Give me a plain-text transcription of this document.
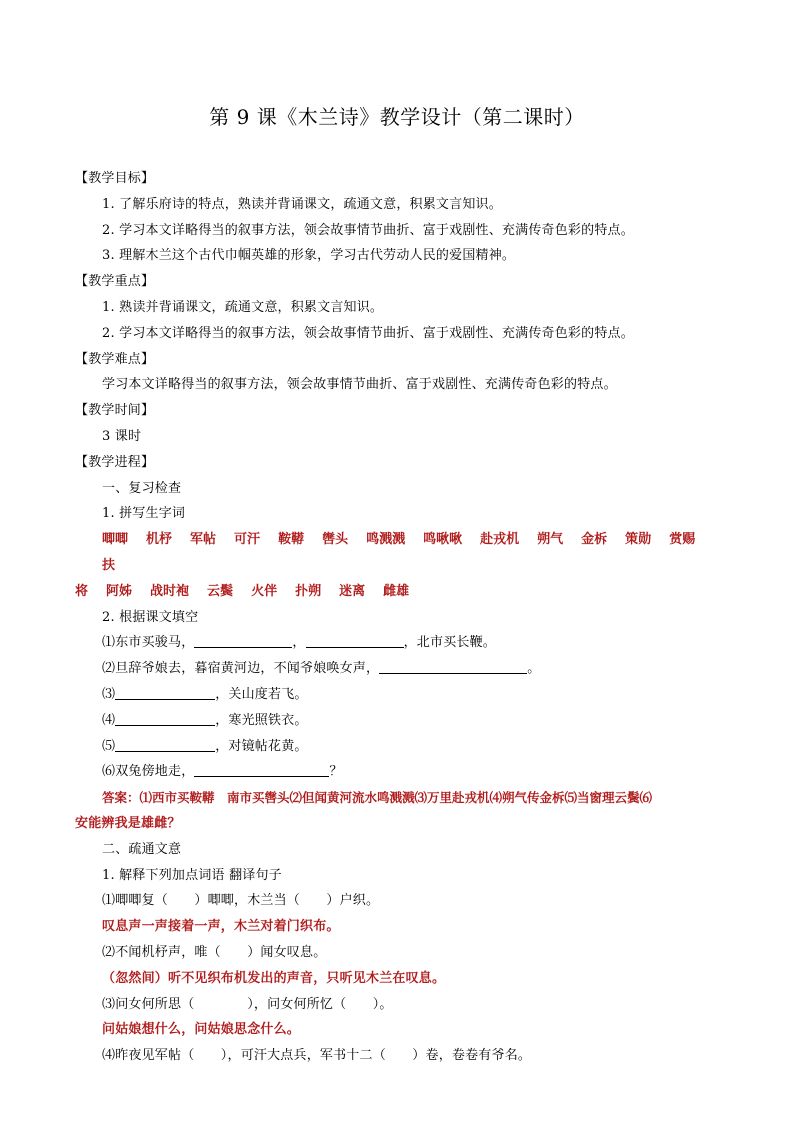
第 9 课《木兰诗》教学设计（第二课时）
【教学目标】
1. 了解乐府诗的特点，熟读并背诵课文，疏通文意，积累文言知识。
2. 学习本文详略得当的叙事方法，领会故事情节曲折、富于戏剧性、充满传奇色彩的特点。
3. 理解木兰这个古代巾帼英雄的形象，学习古代劳动人民的爱国精神。
【教学重点】
1. 熟读并背诵课文，疏通文意，积累文言知识。
2. 学习本文详略得当的叙事方法，领会故事情节曲折、富于戏剧性、充满传奇色彩的特点。
【教学难点】
学习本文详略得当的叙事方法，领会故事情节曲折、富于戏剧性、充满传奇色彩的特点。
【教学时间】
3 课时
【教学进程】
一、复习检查
1. 拼写生字词
唧唧 机杼 军帖 可汗 鞍鞯 辔头 鸣溅溅 鸣啾啾 赴戎机 朔气 金柝 策勋 赏赐扶
将 阿姊 战时袍 云鬓 火伴 扑朔 迷离 雌雄
2. 根据课文填空
⑴东市买骏马，	，	，北市买长鞭。
⑵旦辞爷娘去，暮宿黄河边，不闻爷娘唤女声，	。
⑶	，关山度若飞。
⑷	，寒光照铁衣。
⑸	，对镜帖花黄。
⑹双兔傍地走，	？
答案：⑴西市买鞍鞯　南市买辔头⑵但闻黄河流水鸣溅溅⑶万里赴戎机⑷朔气传金柝⑸当窗理云鬓⑹
安能辨我是雄雌？
二、疏通文意
1. 解释下列加点词语 翻译句子
⑴唧唧复（　　）唧唧，木兰当（　　）户织。
叹息声一声接着一声，木兰对着门织布。
⑵不闻机杼声，唯（　　）闻女叹息。
（忽然间）听不见织布机发出的声音，只听见木兰在叹息。
⑶问女何所思（　　　　），问女何所忆（　　）。
问姑娘想什么，问姑娘思念什么。
⑷昨夜见军帖（　　），可汗大点兵，军书十二（　　）卷，卷卷有爷名。
